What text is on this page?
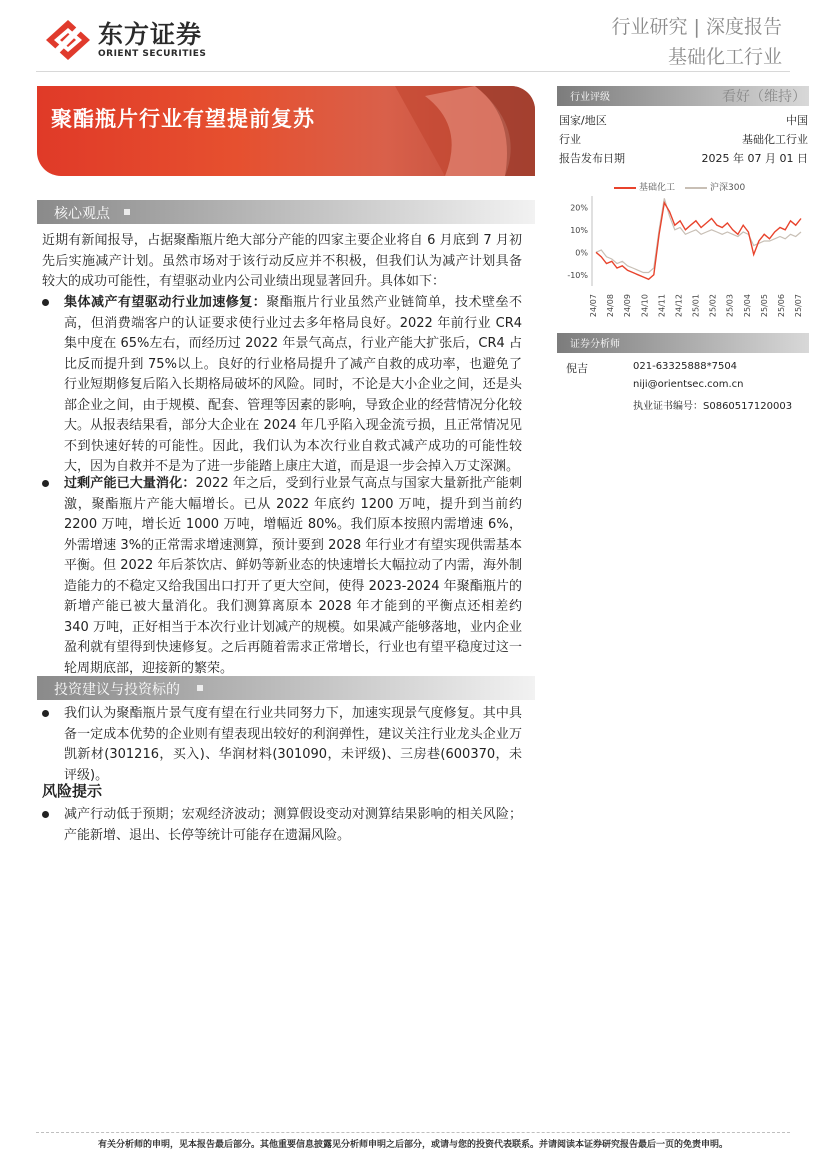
东方证券
ORIENT SECURITIES
行业研究 | 深度报告
基础化工行业
聚酯瓶片行业有望提前复苏
行业评级	看好（维持）
国家/地区	中国
行业	基础化工行业
报告发布日期	2025 年 07 月 01 日
基础化工	沪深300
20%
10%
0%
-10%
24/07 24/08 24/09 24/10 24/11 24/12 25/01 25/02 25/03 25/04 25/05 25/06 25/07
证券分析师
倪吉	021-63325888*7504
niji@orientsec.com.cn
执业证书编号：S0860517120003
核心观点
近期有新闻报导，占据聚酯瓶片绝大部分产能的四家主要企业将自 6 月底到 7 月初先后实施减产计划。虽然市场对于该行动反应并不积极，但我们认为减产计划具备较大的成功可能性，有望驱动业内公司业绩出现显著回升。具体如下：
集体减产有望驱动行业加速修复：聚酯瓶片行业虽然产业链简单，技术壁垒不高，但消费端客户的认证要求使行业过去多年格局良好。2022 年前行业 CR4 集中度在 65%左右，而经历过 2022 年景气高点，行业产能大扩张后，CR4 占比反而提升到 75%以上。良好的行业格局提升了减产自救的成功率，也避免了行业短期修复后陷入长期格局破坏的风险。同时，不论是大小企业之间，还是头部企业之间，由于规模、配套、管理等因素的影响，导致企业的经营情况分化较大。从报表结果看，部分大企业在 2024 年几乎陷入现金流亏损，且正常情况见不到快速好转的可能性。因此，我们认为本次行业自救式减产成功的可能性较大，因为自救并不是为了进一步能踏上康庄大道，而是退一步会掉入万丈深渊。
过剩产能已大量消化：2022 年之后，受到行业景气高点与国家大量新批产能刺激，聚酯瓶片产能大幅增长。已从 2022 年底约 1200 万吨，提升到当前约 2200 万吨，增长近 1000 万吨，增幅近 80%。我们原本按照内需增速 6%，外需增速 3%的正常需求增速测算，预计要到 2028 年行业才有望实现供需基本平衡。但 2022 年后茶饮店、鲜奶等新业态的快速增长大幅拉动了内需，海外制造能力的不稳定又给我国出口打开了更大空间，使得 2023-2024 年聚酯瓶片的新增产能已被大量消化。我们测算离原本 2028 年才能到的平衡点还相差约 340 万吨，正好相当于本次行业计划减产的规模。如果减产能够落地，业内企业盈利就有望得到快速修复。之后再随着需求正常增长，行业也有望平稳度过这一轮周期底部，迎接新的繁荣。
投资建议与投资标的
我们认为聚酯瓶片景气度有望在行业共同努力下，加速实现景气度修复。其中具备一定成本优势的企业则有望表现出较好的利润弹性，建议关注行业龙头企业万凯新材(301216，买入)、华润材料(301090，未评级)、三房巷(600370，未评级)。
风险提示
减产行动低于预期；宏观经济波动；测算假设变动对测算结果影响的相关风险；产能新增、退出、长停等统计可能存在遗漏风险。
有关分析师的申明，见本报告最后部分。其他重要信息披露见分析师申明之后部分，或请与您的投资代表联系。并请阅读本证券研究报告最后一页的免责申明。
